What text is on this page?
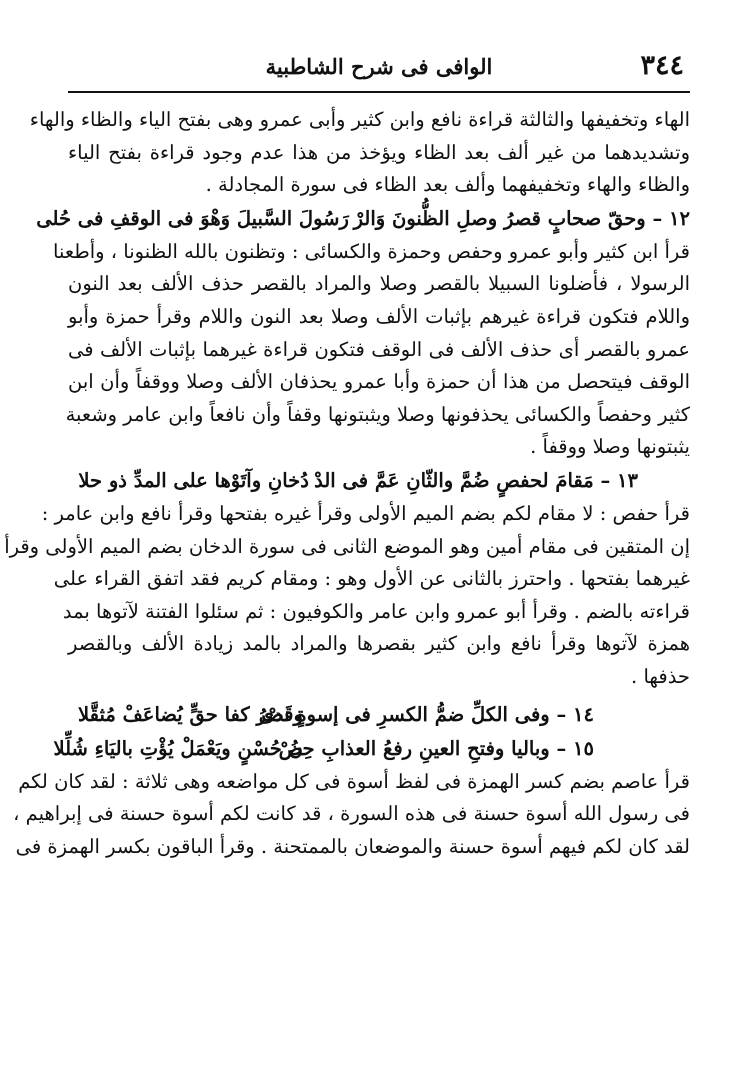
٣٤٤
الوافى فى شرح الشاطبية
الهاء وتخفيفها والثالثة قراءة نافع وابن كثير وأبى عمرو وهى بفتح الياء والظاء والهاء
وتشديدهما من غير ألف بعد الظاء ويؤخذ من هذا عدم وجود قراءة بفتح الياء
والظاء والهاء وتخفيفهما وألف بعد الظاء فى سورة المجادلة .
١٢ – وحقّ صحابٍ قصرُ وصلِ الظُّنونَ وَالرْ رَسُولَ السَّبيلَ وَهْوَ فى الوقفِ فى حُلى
قرأ ابن كثير وأبو عمرو وحفص وحمزة والكسائى : وتظنون بالله الظنونا ، وأطعنا
الرسولا ، فأضلونا السبيلا بالقصر وصلا والمراد بالقصر حذف الألف بعد النون
واللام فتكون قراءة غيرهم بإثبات الألف وصلا بعد النون واللام وقرأ حمزة وأبو
عمرو بالقصر أى حذف الألف فى الوقف فتكون قراءة غيرهما بإثبات الألف فى
الوقف فيتحصل من هذا أن حمزة وأبا عمرو يحذفان الألف وصلا ووقفاً وأن ابن
كثير وحفصاً والكسائى يحذفونها وصلا ويثبتونها وقفاً وأن نافعاً وابن عامر وشعبة
يثبتونها وصلا ووقفاً .
١٣ – مَقامَ لحفصٍ ضُمَّ والثّانِ عَمَّ فى الدْ دُخانِ وآتَوْها على المدِّ ذو حلا
قرأ حفص : لا مقام لكم بضم الميم الأولى وقرأ غيره بفتحها وقرأ نافع وابن عامر :
إن المتقين فى مقام أمين وهو الموضع الثانى فى سورة الدخان بضم الميم الأولى وقرأ
غيرهما بفتحها . واحترز بالثانى عن الأول وهو : ومقام كريم فقد اتفق القراء على
قراءته بالضم . وقرأ أبو عمرو وابن عامر والكوفيون : ثم سئلوا الفتنة لآتوها بمد
همزة لآتوها وقرأ نافع وابن كثير بقصرها والمراد بالمد زيادة الألف وبالقصر
حذفها .
١٤ – وفى الكلِّ ضمُّ الكسرِ فى إسوةٍ ندى وقَصْرُ كفا حقٍّ يُضاعَفْ مُثقَّلا
١٥ – وباليا وفتحِ العينِ رفعُ العذابِ حِصْ نُ حُسْنٍ ويَعْمَلْ يُؤْتِ باليَاءِ شُلِّلا
قرأ عاصم بضم كسر الهمزة فى لفظ أسوة فى كل مواضعه وهى ثلاثة : لقد كان لكم
فى رسول الله أسوة حسنة فى هذه السورة ، قد كانت لكم أسوة حسنة فى إبراهيم ،
لقد كان لكم فيهم أسوة حسنة والموضعان بالممتحنة . وقرأ الباقون بكسر الهمزة فى
